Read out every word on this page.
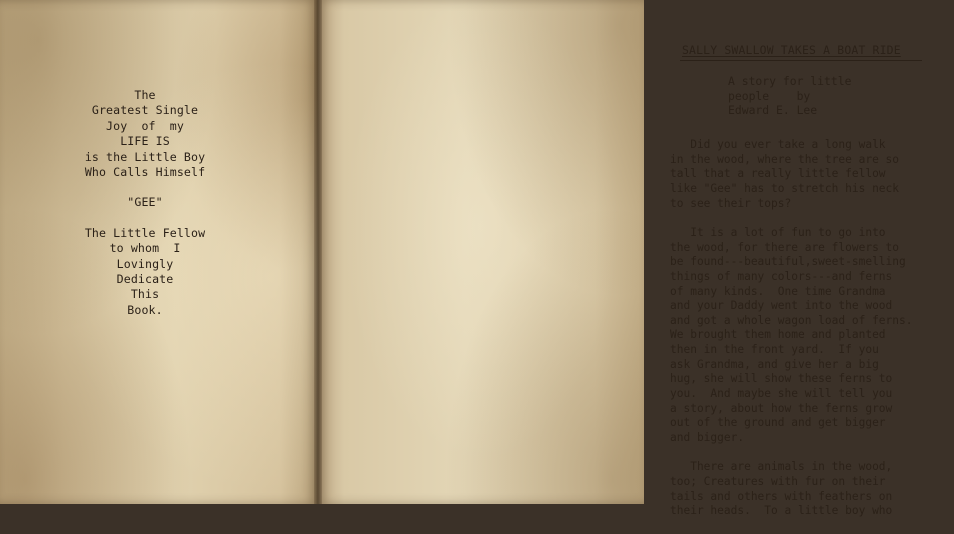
The
Greatest Single
Joy  of  my
LIFE IS
is the Little Boy
Who Calls Himself
"GEE"
The Little Fellow
to whom  I
Lovingly
Dedicate
This
Book.
SALLY SWALLOW TAKES A BOAT RIDE
A story for little
people    by
Edward E. Lee
Did you ever take a long walk
in the wood, where the tree are so
tall that a really little fellow
like "Gee" has to stretch his neck
to see their tops?
It is a lot of fun to go into
the wood, for there are flowers to
be found---beautiful,sweet-smelling
things of many colors---and ferns
of many kinds.  One time Grandma
and your Daddy went into the wood
and got a whole wagon load of ferns.
We brought them home and planted
then in the front yard.  If you
ask Grandma, and give her a big
hug, she will show these ferns to
you.  And maybe she will tell you
a story, about how the ferns grow
out of the ground and get bigger
and bigger.
There are animals in the wood,
too; Creatures with fur on their
tails and others with feathers on
their heads.  To a little boy who
